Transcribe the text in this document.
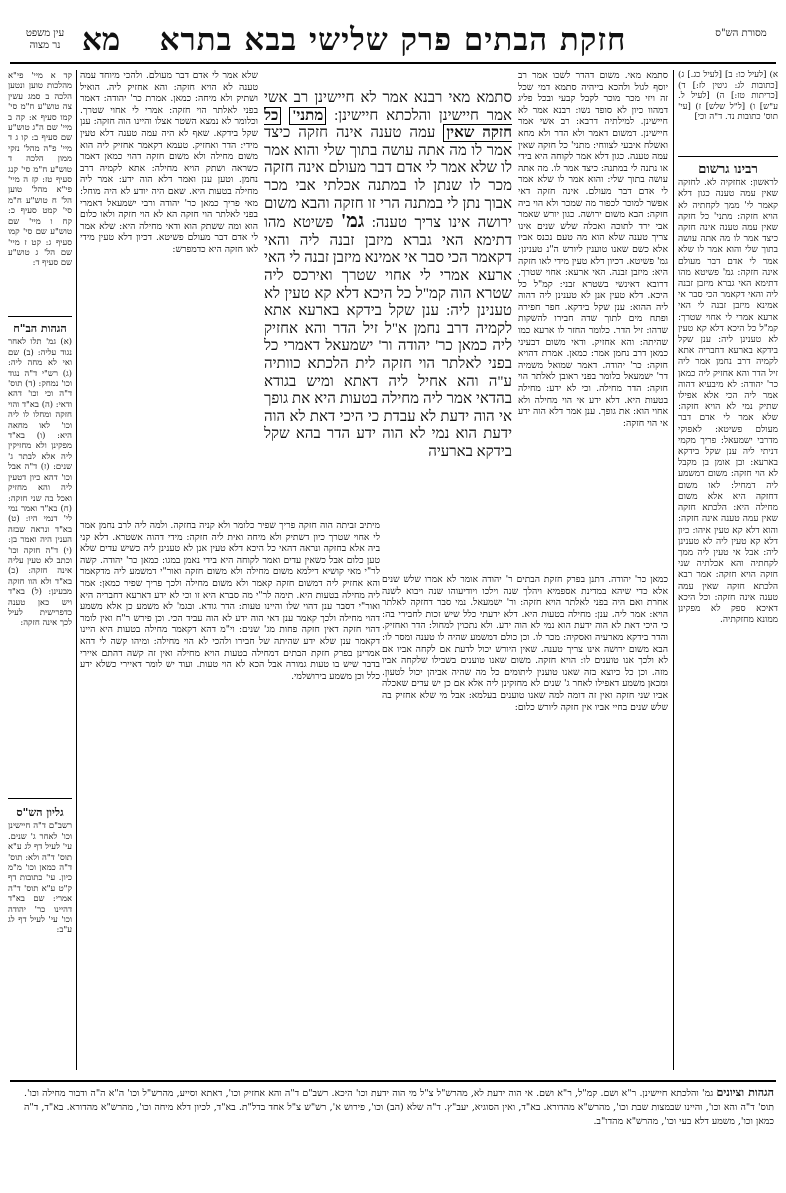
מסורת הש"ס
חזקת הבתים פרק שלישי בבא בתרא
מא
עין משפט
נר מצוה

א) [לעיל כו: ב] [לעיל כג.] ג) [כתובות לג: גיטין לז:] ד) [כריתות טז:] ה) [לעיל ל. ע"ש] ו) [ל"ל שלש] ז) [עי' תוס' כתובות נד. ד"ה וכי]

רבינו גרשום

לראשון: אחזקיה לא. לחזקה שאין עמה טענה כגון דלא קאמר לי' ממך לקחתיה לא הויא חזקה: מתני' כל חזקה שאין עמה טענה אינה חזקה כיצד אמר לו מה אתה עושה בתוך שלי והוא אמר לו שלא אמר לי אדם דבר מעולם אינה חזקה: גמ' פשיטא מהו דתימא האי גברא מיזבן זבנה ליה והאי דקאמר הכי סבר אי אמינא מיזבן זבנה לי האי ארעא אמרי לי אחוי שטרך: קמ"ל כל היכא דלא קא טעין לא טענינן ליה: ענן שקל בידקא בארעא דחבריה אתא לקמיה דרב נחמן אמר ליה זיל הדר והא אחזיק ליה כמאן כר' יהודה: לא מיבעיא דהוה אמר ליה הכי אלא אפילו שתיק נמי לא הויא חזקה: שלא אמר לי אדם דבר מעולם פשיטא: לאפוקי מדרבי ישמעאל: פריך מקמי דניתי ליה ענן שקל בידקא בארעא: ובן אומן בן מקבל לא הוי חזקה: משום דמשמע ליה דמחיל: לאו משום דחזקה היא אלא משום מחילה היא: הלכתא חזקה שאין עמה טענה אינה חזקה: והוא דלא קא טעין איהו: כיון דלא קא טעין ליה לא טענינן ליה: אבל אי טעין ליה ממך לקחתיה והא אכלתיה שני חזקה הויא חזקה: אמר רבא הלכתא חזקה שאין עמה טענה אינה חזקה: וכל היכא דאיכא ספק לא מפקינן ממונא מחזקתיה.

סתמא מאי. משום דהדר לשכו אמר רב יוסף לגול ולהכא בייהיה סתמא דמי שכל זה ויזי מכר מוכר לקבל קבעי ובכל פליג דמהוו כיון לא סופד נשו: רבנא אמר לא חיישינן. למילתיה דרבא: רב אשי אמר חיישינן. דמשום דאמר ולא הדר ולא מחא ואשלח איבעי לצווחי: מתני' כל חזקה שאין עמה טענה. כגון דלא אמר לקוחה היא בידי או נתנה לי במתנה: כיצד אמר לו. מה אתה עושה בתוך שלי: והוא אמר לו שלא אמר לי אדם דבר מעולם. אינה חזקה דאי אפשר למוכר לכפור מה שמכר ולא הוי ביה חזקה: הבא משום ירושה. כגון יורש שאמר אבי ירד לתוכה ואכלה שלש שנים אינו צריך טענה שלא הוא מה טעם נכנס אביו אלא כשם שאנו טוענין ליורש ה"נ טענינן: גמ' פשיטא. דכיון דלא טעין מידי לאו חזקה היא: מיזבן זבנה. האי ארעא: אחוי שטרך. דרובא דאינשי בשטרא זבני: קמ"ל כל היכא. דלא טעין אנן לא טענינן ליה דהוה ליה ההוא: ענן שקל בידקא. חפר חפירה ופתח מים לתוך שדה חבירו להשקות שדהו: זיל הדר. כלומר החזר לו ארעא כמו שהיתה: והא אחזיק. ודאי משום דבעיני כמאן דרב נחמן אמר: כמאן. אמרת דהויא חזקה: כר' יהודה. דאמר שמואל משמיה דר' ישמעאל כלומר בפני ראובן לאלתר הוי חזקה: הדר מחילה. וכי לא ידע: מחילה בטעות היא. דלא ידע אי הוי מחילה ולא אחוי הוא: את גופך. ענן אמר דלא הוה ידע אי הוי חזקה:

סתמא מאי רבנא אמר לא חיישינן רב אשי אמר חיישינן והלכתא חיישינן: מתני' כל חזקה שאין עמה טענה אינה חזקה כיצד אמר לו מה אתה עושה בתוך שלי והוא אמר לו שלא אמר לי אדם דבר מעולם אינה חזקה מכר לו שנתן לו במתנה אכלתי אבי מכר אבוך נתן לי במתנה הרי זו חזקה והבא משום ירושה אינו צריך טענה: גמ' פשיטא מהו דתימא האי גברא מיזבן זבנה ליה והאי דקאמר הכי סבר אי אמינא מיזבן זבנה לי האי ארעא אמרי לי אחוי שטרך ואירכס ליה שטרא הוה קמ"ל כל היכא דלא קא טעין לא טענינן ליה: ענן שקל בידקא בארעא אתא לקמיה דרב נחמן א"ל זיל הדר והא אחזיק ליה כמאן כר' יהודה ור' ישמעאל דאמרי כל בפני לאלתר הוי חזקה לית הלכתא כוותיה ע"ה והא אחיל ליה דאתא ומיש בגודא בהדאי אמר ליה מחילה בטעות היא את גופך אי הוה ידעת לא עבדת כי היכי דאת לא הוה ידעת הוא נמי לא הוה ידע הדר בהא שקל בידקא בארעיה

שלא אמר לי אדם דבר מעולם. ולהכי מיוחד עמה טענה לא הויא חזקה: והא אחזיק ליה. הואיל ושתיק ולא מיחה: כמאן. אמרת כר' יהודה: דאמר בפני לאלתר הוי חזקה: אמרי לי אחוי שטרך. וכלומר לא נמצא השטר אצלו והיינו הוה חזקה: ענן שקל בידקא. שאף לא היה עמה טענה דלא טעין מידי: הדר ואחזיק. טעמא דקאמר אחזיק ליה הוא משום מחילה ולא משום חזקה דהוי כמאן דאמר כשראה ושתק הויא מחילה: אתא לקמיה דרב נחמן. וטען ענן ואמר דלא הוה ידע: אמר ליה מחילה בטעות היא. שאם היה יודע לא היה מוחל: מאי פריך כמאן כר' יהודה ורבי ישמעאל דאמרי בפני לאלתר הוי חזקה הא לא הוי חזקה ולאו כלום הוא ומה ששתק הוא ודאי מחילה היא: שלא אמר לי אדם דבר מעולם פשיטא. דכיון דלא טעין מידי לאו חזקה היא כדמפרש:

כמאן כר' יהודה. דתנן בפרק חזקת הבתים ר' יהודה אומר לא אמרו שלש שנים אלא כדי שיהא במדינת אספמיא ויהלך שנה וילכו ויודיעוהו שנה ויבוא לשנה אחרת ואם היה בפני לאלתר הויא חזקה: ור' ישמעאל. נמי סבר דחזקה לאלתר הויא: אמר ליה. ענן: מחילה בטעות היא. דלא ידעתי כלל שיש זכות לחבירי בה: כי היכי דאת לא הוה ידעת הוא נמי לא הוה ידע. ולא נתכוין למחול: הדר ואחזיק. והדר בידקא מארעיה ואסקיה: מכר לו. וכן כולם דמשמע שהיה לו טענה ומסר לו: הבא משום ירושה אינו צריך טענה. שאין היורש יכול לדעת אם לקחה אביו אם לא ולכך אנו טוענים לו: הויא חזקה. משום שאנו טוענים בשבילו שלקחה אביו מזה. וכן כל כיוצא בזה שאנו טוענין ליתומים כל מה שהיה אביהן יכול לטעון. ומכאן משמע דאפילו לאחר ג' שנים לא מחזקינן ליה אלא אם כן יש עדים שאכלה אביו שני חזקה ואין זה דומה למה שאנו טוענים בעלמא: אבל מי שלא אחזיק בה שלש שנים בחיי אביו אין חזקה ליורש כלום:

מיתיב זביתה הוה חזקה פריך שפיר כלומר ולא קניה בחזקה. ולמה ליה לרב נחמן אמר לי אחוי שטרך כיון דשתיק ולא מיחה ואית ליה חזקה: מידי דהוה אשטרא. דלא קני ביה אלא בחזקה ונראה דהאי כל היכא דלא טעין אנן לא טענינן ליה כשיש עדים שלא טען כלום אבל כשאין עדים ואמר לקוחה היא בידי נאמן במגו: כמאן כר' יהודה. קשה לר"י מאי קושיא דילמא משום מחילה ולא משום חזקה ואור"י דמשמע ליה מדקאמר והא אחזיק ליה דמשום חזקה קאמר ולא משום מחילה ולכך פריך שפיר כמאן: אמר ליה מחילה בטעות היא. תימה לר"י מה סברא היא זו וכי לא ידע דארעא דחבריה היא ואור"י דסבר ענן דהוי שלו והיינו טעות: הדר גודא. ובגמ' לא משמע כן אלא משמע דהוי מחילה ולכך קאמר ענן דאי הוה ידע לא הוה עביד הכי. וכן פירש ר"ח ואין לומר דהוי חזקה דאין חזקה פחות מג' שנים: וי"מ דהא דקאמר מחילה בטעות היא היינו דקאמר ענן שלא ידע שהיתה של חבירו ולהכי לא הוי מחילה: ומיהו קשה לי דהא אמרינן בפרק חזקת הבתים דמחילה בטעות הויא מחילה ואין זה קשה דהתם איירי בדבר שיש בו טעות גמורה אבל הכא לא הוי טעות. ועוד יש לומר דאיירי כשלא ידע כלל וכן משמע בירושלמי.

קד א מיי' פי"א מהלכות טוען ונטען הלכה ב סמג עשין צה טוש"ע ח"מ סי' קמו סעיף א: קה ב מיי' שם ה"ג טוש"ע שם סעיף ב: קו ג ד מיי' פ"ה מהל' נזקי ממון הלכה ד טוש"ע ח"מ סי' קנג סעיף טז: קז ה מיי' פי"א מהל' טוען הל' ח טוש"ע ח"מ סי' קמט סעיף כ: קח ו מיי' שם טוש"ע שם סי' קמו סעיף ג: קט ז מיי' שם הל' ג טוש"ע שם סעיף ד:

הגהות הב"ח

(א) גמ' תלו לאחר נגוד עליה: (ב) שם ואי לא מחה ליה: (ג) רש"י ד"ה נגוד וכו' נמחק: (ד) תוס' ד"ה וכי וכו' דהא ודאי: (ה) בא"ד והוי חזקה ומחלו לו ליה וכו' לאו מחאה היא: (ו) בא"ד מפקינן ולא מחזיקין ליה אלא לבתר ג' שנים: (ז) ד"ה אבל וכו' דהא כיון דטעין ליה והא מחזיק ואכל בה שני חזקה: (ח) בא"ד ואמר נמי לי' דנמי היו: (ט) בא"ד ונראה שבזה הענין היה ואמר בן: (י) ד"ה חזקה וכו' וכתב לא טעין עליה אינה חזקה: (כ) בא"ד ולא הוו חזקה מבעינן: (ל) בא"ד ויש כאן טענה כדפרישית לעיל לכך אינה חזקה:

גליון הש"ס

רשב"ם ד"ה חיישינן וכו' לאחר ג' שנים. עי' לעיל דף לג ע"א תוס' ד"ה ולא: תוס' ד"ה כמאן וכו' מ"מ כיון. עי' כתובות דף ק"ט ע"א תוס' ד"ה אמרי: שם בא"ד דהיינו כר' יהודה וכו' עי' לעיל דף לג ע"ב:

הגהות וציונים גמ' והלכתא חיישינן. ר"א ושם. קמ"ל, ר"א ושם. אי הוה ידעת לא, מהרש"ל צ"ל מי הוה ידעת וכו' היכא. רשב"ם ד"ה והא אחזיק וכו', דאתא וסייע, מהרש"ל וכו' ה"א ה"ה ודבור מחילה וכו'. תוס' ד"ה והא וכו', והיינו שבמצות שבת וכו', מהרש"א מהדורא. בא"ד, ואין הסוגיא, יעב"ץ. ד"ה שלא (הב) וכו', פירוש א', רש"ש צ"ל אחד בדל"ת. בא"ד, לכיון דלא מיחה וכו', מהרש"א מהדורא. בא"ד, ד"ה כמאן וכו', משמע דלא בעי וכו', מהרש"א מהדו"ב.
